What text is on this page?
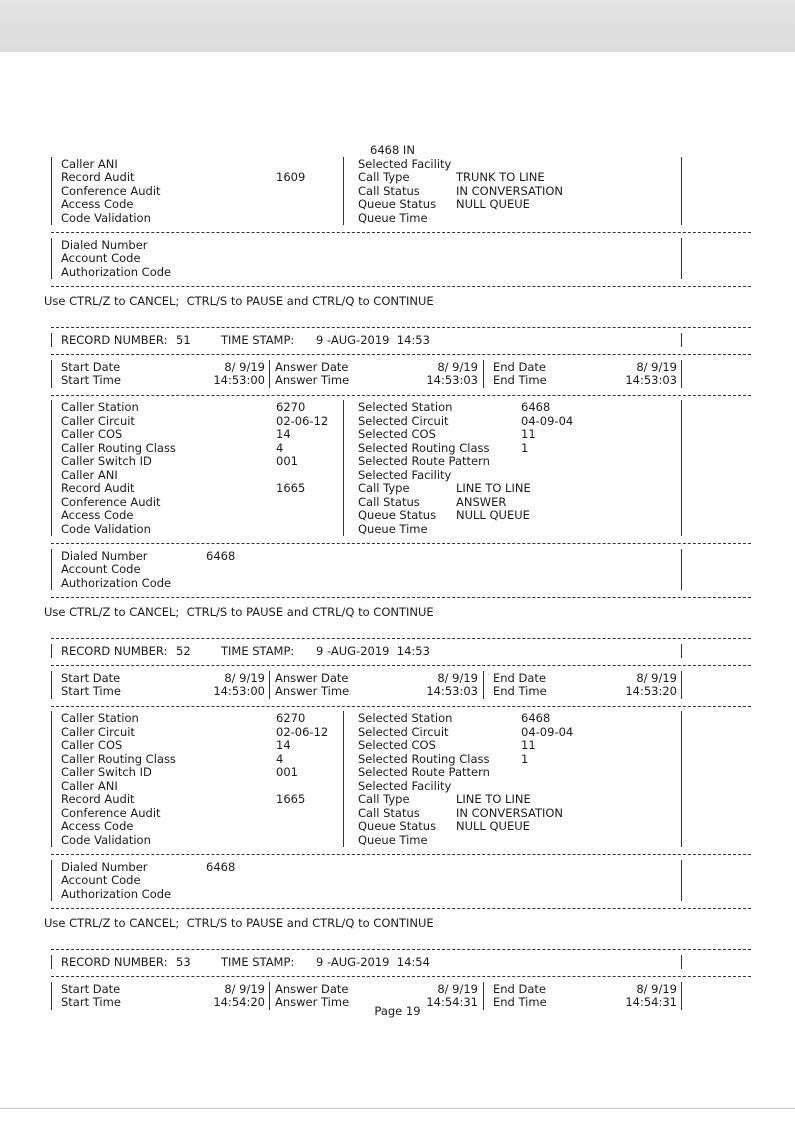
6468 IN
Caller ANI	Selected Facility
Record Audit	1609	Call Type	TRUNK TO LINE
Conference Audit	Call Status	IN CONVERSATION
Access Code	Queue Status NULL QUEUE
Code Validation	Queue Time
Dialed Number
Account Code
Authorization Code
Use CTRL/Z to CANCEL;  CTRL/S to PAUSE and CTRL/Q to CONTINUE
RECORD NUMBER: 51	TIME STAMP: 9 -AUG-2019  14:53
Start Date	8/ 9/19 Answer Date	8/ 9/19 End Date	8/ 9/19
Start Time	14:53:00 Answer Time	14:53:03 End Time	14:53:03
Caller Station	6270	Selected Station	6468
Caller Circuit	02-06-12	Selected Circuit	04-09-04
Caller COS	14	Selected COS	11
Caller Routing Class	4	Selected Routing Class	1
Caller Switch ID	001	Selected Route Pattern
Caller ANI	Selected Facility
Record Audit	1665	Call Type	LINE TO LINE
Conference Audit	Call Status	ANSWER
Access Code	Queue Status NULL QUEUE
Code Validation	Queue Time
Dialed Number	6468
Account Code
Authorization Code
Use CTRL/Z to CANCEL;  CTRL/S to PAUSE and CTRL/Q to CONTINUE
RECORD NUMBER: 52	TIME STAMP: 9 -AUG-2019  14:53
Start Date	8/ 9/19 Answer Date	8/ 9/19 End Date	8/ 9/19
Start Time	14:53:00 Answer Time	14:53:03 End Time	14:53:20
Caller Station	6270	Selected Station	6468
Caller Circuit	02-06-12	Selected Circuit	04-09-04
Caller COS	14	Selected COS	11
Caller Routing Class	4	Selected Routing Class	1
Caller Switch ID	001	Selected Route Pattern
Caller ANI	Selected Facility
Record Audit	1665	Call Type	LINE TO LINE
Conference Audit	Call Status	IN CONVERSATION
Access Code	Queue Status NULL QUEUE
Code Validation	Queue Time
Dialed Number	6468
Account Code
Authorization Code
Use CTRL/Z to CANCEL;  CTRL/S to PAUSE and CTRL/Q to CONTINUE
RECORD NUMBER: 53	TIME STAMP: 9 -AUG-2019  14:54
Start Date	8/ 9/19 Answer Date	8/ 9/19 End Date	8/ 9/19
Start Time	14:54:20 Answer Time	14:54:31 End Time	14:54:31
Page 19
